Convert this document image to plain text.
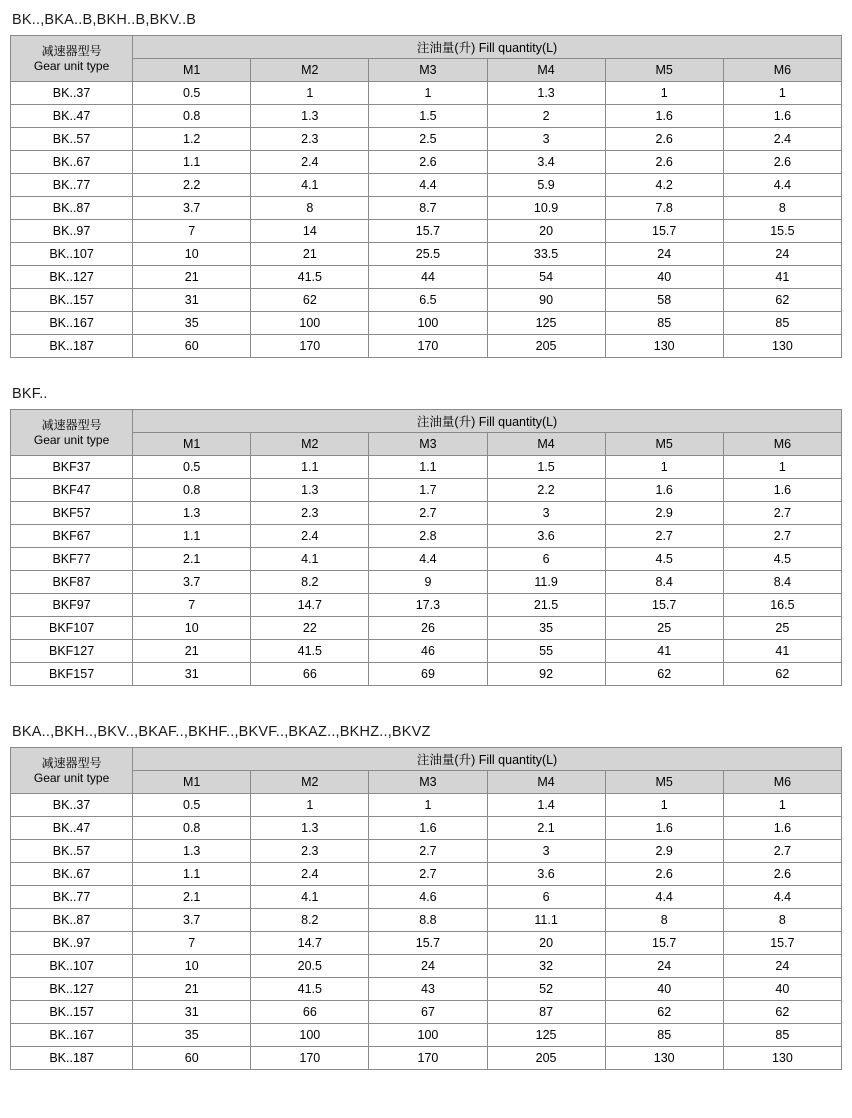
BK..,BKA..B,BKH..B,BKV..B
减速器型号
Gear unit type	注油量(升) Fill quantity(L)					
	M1	M2	M3	M4	M5	M6
BK..37	0.5	1	1	1.3	1	1
BK..47	0.8	1.3	1.5	2	1.6	1.6
BK..57	1.2	2.3	2.5	3	2.6	2.4
BK..67	1.1	2.4	2.6	3.4	2.6	2.6
BK..77	2.2	4.1	4.4	5.9	4.2	4.4
BK..87	3.7	8	8.7	10.9	7.8	8
BK..97	7	14	15.7	20	15.7	15.5
BK..107	10	21	25.5	33.5	24	24
BK..127	21	41.5	44	54	40	41
BK..157	31	62	6.5	90	58	62
BK..167	35	100	100	125	85	85
BK..187	60	170	170	205	130	130
BKF..
减速器型号
Gear unit type	注油量(升) Fill quantity(L)					
	M1	M2	M3	M4	M5	M6
BKF37	0.5	1.1	1.1	1.5	1	1
BKF47	0.8	1.3	1.7	2.2	1.6	1.6
BKF57	1.3	2.3	2.7	3	2.9	2.7
BKF67	1.1	2.4	2.8	3.6	2.7	2.7
BKF77	2.1	4.1	4.4	6	4.5	4.5
BKF87	3.7	8.2	9	11.9	8.4	8.4
BKF97	7	14.7	17.3	21.5	15.7	16.5
BKF107	10	22	26	35	25	25
BKF127	21	41.5	46	55	41	41
BKF157	31	66	69	92	62	62
BKA..,BKH..,BKV..,BKAF..,BKHF..,BKVF..,BKAZ..,BKHZ..,BKVZ
减速器型号
Gear unit type	注油量(升) Fill quantity(L)					
	M1	M2	M3	M4	M5	M6
BK..37	0.5	1	1	1.4	1	1
BK..47	0.8	1.3	1.6	2.1	1.6	1.6
BK..57	1.3	2.3	2.7	3	2.9	2.7
BK..67	1.1	2.4	2.7	3.6	2.6	2.6
BK..77	2.1	4.1	4.6	6	4.4	4.4
BK..87	3.7	8.2	8.8	11.1	8	8
BK..97	7	14.7	15.7	20	15.7	15.7
BK..107	10	20.5	24	32	24	24
BK..127	21	41.5	43	52	40	40
BK..157	31	66	67	87	62	62
BK..167	35	100	100	125	85	85
BK..187	60	170	170	205	130	130
